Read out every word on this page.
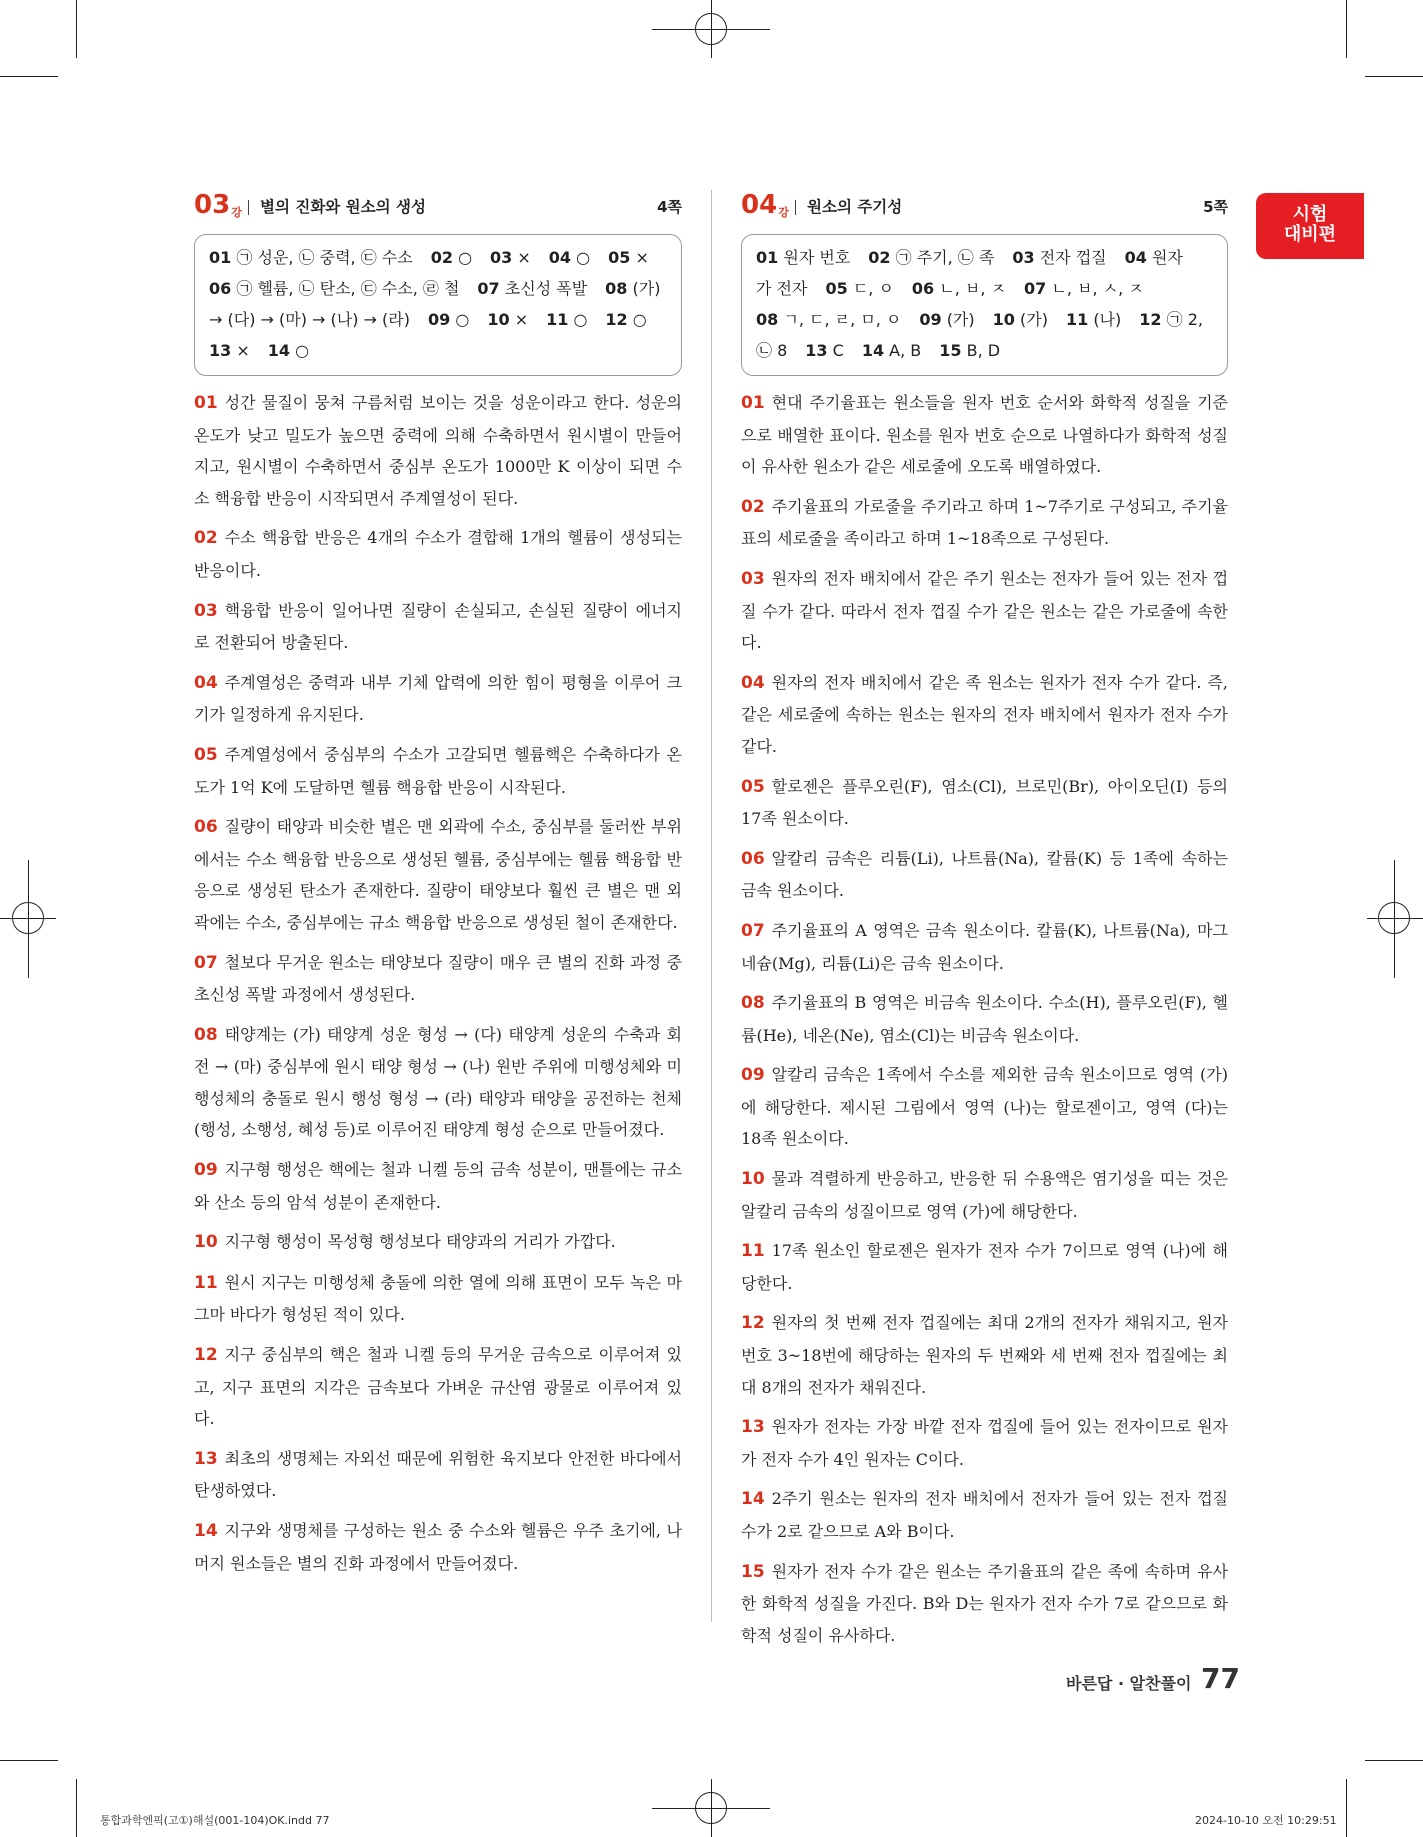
시험
대비편
03강 별의 진화와 원소의 생성	4쪽
01 ㉠ 성운, ㉡ 중력, ㉢ 수소 02 ○ 03 × 04 ○ 05 ×
06 ㉠ 헬륨, ㉡ 탄소, ㉢ 수소, ㉣ 철 07 초신성 폭발 08 (가)
→ (다) → (마) → (나) → (라) 09 ○ 10 × 11 ○ 12 ○
13 × 14 ○

01 성간 물질이 뭉쳐 구름처럼 보이는 것을 성운이라고 한다. 성운의 온도가 낮고 밀도가 높으면 중력에 의해 수축하면서 원시별이 만들어지고, 원시별이 수축하면서 중심부 온도가 1000만 K 이상이 되면 수소 핵융합 반응이 시작되면서 주계열성이 된다.

02 수소 핵융합 반응은 4개의 수소가 결합해 1개의 헬륨이 생성되는 반응이다.

03 핵융합 반응이 일어나면 질량이 손실되고, 손실된 질량이 에너지로 전환되어 방출된다.

04 주계열성은 중력과 내부 기체 압력에 의한 힘이 평형을 이루어 크기가 일정하게 유지된다.

05 주계열성에서 중심부의 수소가 고갈되면 헬륨핵은 수축하다가 온도가 1억 K에 도달하면 헬륨 핵융합 반응이 시작된다.

06 질량이 태양과 비슷한 별은 맨 외곽에 수소, 중심부를 둘러싼 부위에서는 수소 핵융합 반응으로 생성된 헬륨, 중심부에는 헬륨 핵융합 반응으로 생성된 탄소가 존재한다. 질량이 태양보다 훨씬 큰 별은 맨 외곽에는 수소, 중심부에는 규소 핵융합 반응으로 생성된 철이 존재한다.

07 철보다 무거운 원소는 태양보다 질량이 매우 큰 별의 진화 과정 중 초신성 폭발 과정에서 생성된다.

08 태양계는 (가) 태양계 성운 형성 → (다) 태양계 성운의 수축과 회전 → (마) 중심부에 원시 태양 형성 → (나) 원반 주위에 미행성체와 미행성체의 충돌로 원시 행성 형성 → (라) 태양과 태양을 공전하는 천체(행성, 소행성, 혜성 등)로 이루어진 태양계 형성 순으로 만들어졌다.

09 지구형 행성은 핵에는 철과 니켈 등의 금속 성분이, 맨틀에는 규소와 산소 등의 암석 성분이 존재한다.

10 지구형 행성이 목성형 행성보다 태양과의 거리가 가깝다.

11 원시 지구는 미행성체 충돌에 의한 열에 의해 표면이 모두 녹은 마그마 바다가 형성된 적이 있다.

12 지구 중심부의 핵은 철과 니켈 등의 무거운 금속으로 이루어져 있고, 지구 표면의 지각은 금속보다 가벼운 규산염 광물로 이루어져 있다.

13 최초의 생명체는 자외선 때문에 위험한 육지보다 안전한 바다에서 탄생하였다.

14 지구와 생명체를 구성하는 원소 중 수소와 헬륨은 우주 초기에, 나머지 원소들은 별의 진화 과정에서 만들어졌다.

04강 원소의 주기성	5쪽
01 원자 번호 02 ㉠ 주기, ㉡ 족 03 전자 껍질 04 원자
가 전자 05 ㄷ, ㅇ 06 ㄴ, ㅂ, ㅈ 07 ㄴ, ㅂ, ㅅ, ㅈ
08 ㄱ, ㄷ, ㄹ, ㅁ, ㅇ 09 (가) 10 (가) 11 (나) 12 ㉠ 2,
㉡ 8 13 C 14 A, B 15 B, D

01 현대 주기율표는 원소들을 원자 번호 순서와 화학적 성질을 기준으로 배열한 표이다. 원소를 원자 번호 순으로 나열하다가 화학적 성질이 유사한 원소가 같은 세로줄에 오도록 배열하였다.

02 주기율표의 가로줄을 주기라고 하며 1~7주기로 구성되고, 주기율표의 세로줄을 족이라고 하며 1~18족으로 구성된다.

03 원자의 전자 배치에서 같은 주기 원소는 전자가 들어 있는 전자 껍질 수가 같다. 따라서 전자 껍질 수가 같은 원소는 같은 가로줄에 속한다.

04 원자의 전자 배치에서 같은 족 원소는 원자가 전자 수가 같다. 즉, 같은 세로줄에 속하는 원소는 원자의 전자 배치에서 원자가 전자 수가 같다.

05 할로젠은 플루오린(F), 염소(Cl), 브로민(Br), 아이오딘(I) 등의 17족 원소이다.

06 알칼리 금속은 리튬(Li), 나트륨(Na), 칼륨(K) 등 1족에 속하는 금속 원소이다.

07 주기율표의 A 영역은 금속 원소이다. 칼륨(K), 나트륨(Na), 마그네슘(Mg), 리튬(Li)은 금속 원소이다.

08 주기율표의 B 영역은 비금속 원소이다. 수소(H), 플루오린(F), 헬륨(He), 네온(Ne), 염소(Cl)는 비금속 원소이다.

09 알칼리 금속은 1족에서 수소를 제외한 금속 원소이므로 영역 (가)에 해당한다. 제시된 그림에서 영역 (나)는 할로젠이고, 영역 (다)는 18족 원소이다.

10 물과 격렬하게 반응하고, 반응한 뒤 수용액은 염기성을 띠는 것은 알칼리 금속의 성질이므로 영역 (가)에 해당한다.

11 17족 원소인 할로젠은 원자가 전자 수가 7이므로 영역 (나)에 해당한다.

12 원자의 첫 번째 전자 껍질에는 최대 2개의 전자가 채워지고, 원자 번호 3~18번에 해당하는 원자의 두 번째와 세 번째 전자 껍질에는 최대 8개의 전자가 채워진다.

13 원자가 전자는 가장 바깥 전자 껍질에 들어 있는 전자이므로 원자가 전자 수가 4인 원자는 C이다.

14 2주기 원소는 원자의 전자 배치에서 전자가 들어 있는 전자 껍질 수가 2로 같으므로 A와 B이다.

15 원자가 전자 수가 같은 원소는 주기율표의 같은 족에 속하며 유사한 화학적 성질을 가진다. B와 D는 원자가 전자 수가 7로 같으므로 화학적 성질이 유사하다.

바른답 · 알찬풀이 77
통합과학엔픽(고①)해설(001-104)OK.indd 77	2024-10-10 오전 10:29:51
